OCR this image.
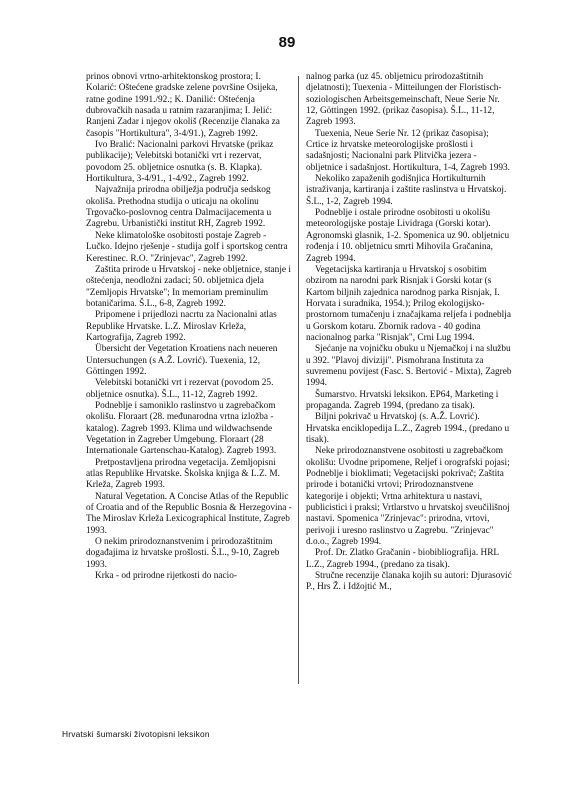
89

prinos obnovi vrtno-arhitektonskog prostora; I. Kolarić: Oštećene gradske zelene površine Osijeka, ratne godine 1991./92.; K. Danilić: Oštećenja dubrovačkih nasada u ratnim razaranjima; I. Jelić: Ranjeni Zadar i njegov okoliš (Recenzije članaka za časopis "Hortikultura", 3-4/91.), Zagreb 1992.

Ivo Bralić: Nacionalni parkovi Hrvatske (prikaz publikacije); Velebitski botanički vrt i rezervat, povodom 25. obljetnice osnutka (s. B. Klapka). Hortikultura, 3-4/91., 1-4/92., Zagreb 1992.

Najvažnija prirodna obilježja područja sedskog okoliša. Prethodna studija o uticaju na okolinu Trgovačko-poslovnog centra Dalmacijacementa u Zagrebu. Urbanistički institut RH, Zagreb 1992.

Neke klimatološke osobitosti postaje Zagreb - Lučko. Idejno rješenje - studija golf i sportskog centra Kerestinec. R.O. "Zrinjevac", Zagreb 1992.

Zaštita prirode u Hrvatskoj - neke obljetnice, stanje i oštećenja, neodložni zadaci; 50. obljetnica djela "Zemljopis Hrvatske"; In memoriam preminulim botaničarima. Š.L., 6-8, Zagreb 1992.

Pripomene i prijedlozi nacrtu za Nacionalni atlas Republike Hrvatske. L.Z. Miroslav Krleža, Kartografija, Zagreb 1992.

Übersicht der Vegetation Kroatiens nach neueren Untersuchungen (s A.Ž. Lovrić). Tuexenia, 12, Göttingen 1992.

Velebitski botanički vrt i rezervat (povodom 25. obljetnice osnutka). Š.L., 11-12, Zagreb 1992.

Podneblje i samoniklo raslinstvo u zagrebačkom okolišu. Floraart (28. međunarodna vrtna izložba - katalog). Zagreb 1993. Klima und wildwachsende Vegetation in Zagreber Umgebung. Floraart (28 Internationale Gartenschau-Katalog). Zagreb 1993.

Pretpostavljena prirodna vegetacija. Zemljopisni atlas Republike Hrvatske. Školska knjiga & L.Z. M. Krleža, Zagreb 1993.

Natural Vegetation. A Concise Atlas of the Republic of Croatia and of the Republic Bosnia & Herzegovina - The Miroslav Krleža Lexicographical Institute, Zagreb 1993.

O nekim prirodoznanstvenim i prirodozaštitnim događajima iz hrvatske prošlosti. Š.L., 9-10, Zagreb 1993.

Krka - od prirodne rijetkosti do nacio-

nalnog parka (uz 45. obljetnicu prirodozaštitnih djelatnosti); Tuexenia - Mitteilungen der Floristisch-soziologischen Arbeitsgemeinschaft, Neue Serie Nr. 12, Göttingen 1992. (prikaz časopisa). Š.L., 11-12, Zagreb 1993.

Tuexenia, Neue Serie Nr. 12 (prikaz časopisa); Crtice iz hrvatske meteorologijske prošlosti i sadašnjosti; Nacionalni park Plitvička jezera - obljetnice i sadašnjost. Hortikultura, 1-4, Zagreb 1993.

Nekoliko zapaženih godišnjica Hortikulturnih istraživanja, kartiranja i zaštite raslinstva u Hrvatskoj. Š.L., 1-2, Zagreb 1994.

Podneblje i ostale prirodne osobitosti u okolišu meteorologijske postaje Lividraga (Gorski kotar). Agronomski glasnik, 1-2. Spomenica uz 90. obljetnicu rođenja i 10. obljetnicu smrti Mihovila Gračanina, Zagreb 1994.

Vegetacijska kartiranja u Hrvatskoj s osobitim obzirom na narodni park Risnjak i Gorski kotar (s Kartom biljnih zajednica narodnog parka Risnjak, I. Horvata i suradnika, 1954.); Prilog ekologijsko-prostornom tumačenju i značajkama reljefa i podneblja u Gorskom kotaru. Zbornik radova - 40 godina nacionalnog parka "Risnjak", Crni Lug 1994.

Sjećanje na vojničku obuku u Njemačkoj i na službu u 392. "Plavoj diviziji". Pismohrana Instituta za suvremenu povijest (Fasc. S. Bertović - Mixta), Zagreb 1994.

Šumarstvo. Hrvatski leksikon. EP64, Marketing i propaganda. Zagreb 1994, (predano za tisak).

Biljni pokrivač u Hrvatskoj (s. A.Ž. Lovrić). Hrvatska enciklopedija L.Z., Zagreb 1994., (predano u tisak).

Neke prirodoznanstvene osobitosti u zagrebačkom okolišu: Uvodne pripomene, Reljef i orografski pojasi; Podneblje i bioklimati; Vegetacijski pokrivač; Zaštita prirode i botanički vrtovi; Prirodoznanstvene kategorije i objekti; Vrtna arhitektura u nastavi, publicistici i praksi; Vrtlarstvo u hrvatskoj sveučilišnoj nastavi. Spomenica "Zrinjevac": prirodna, vrtovi, perivoji i uresno raslinstvo u Zagrebu. "Zrinjevac" d.o.o., Zagreb 1994.

Prof. Dr. Zlatko Gračanin - biobibliografija. HRL L.Z., Zagreb 1994., (predano za tisak).

Stručne recenzije članaka kojih su autori: Djurasović P., Hrs Ž. i Idžojtić M.,

Hrvatski šumarski životopisni leksikon
